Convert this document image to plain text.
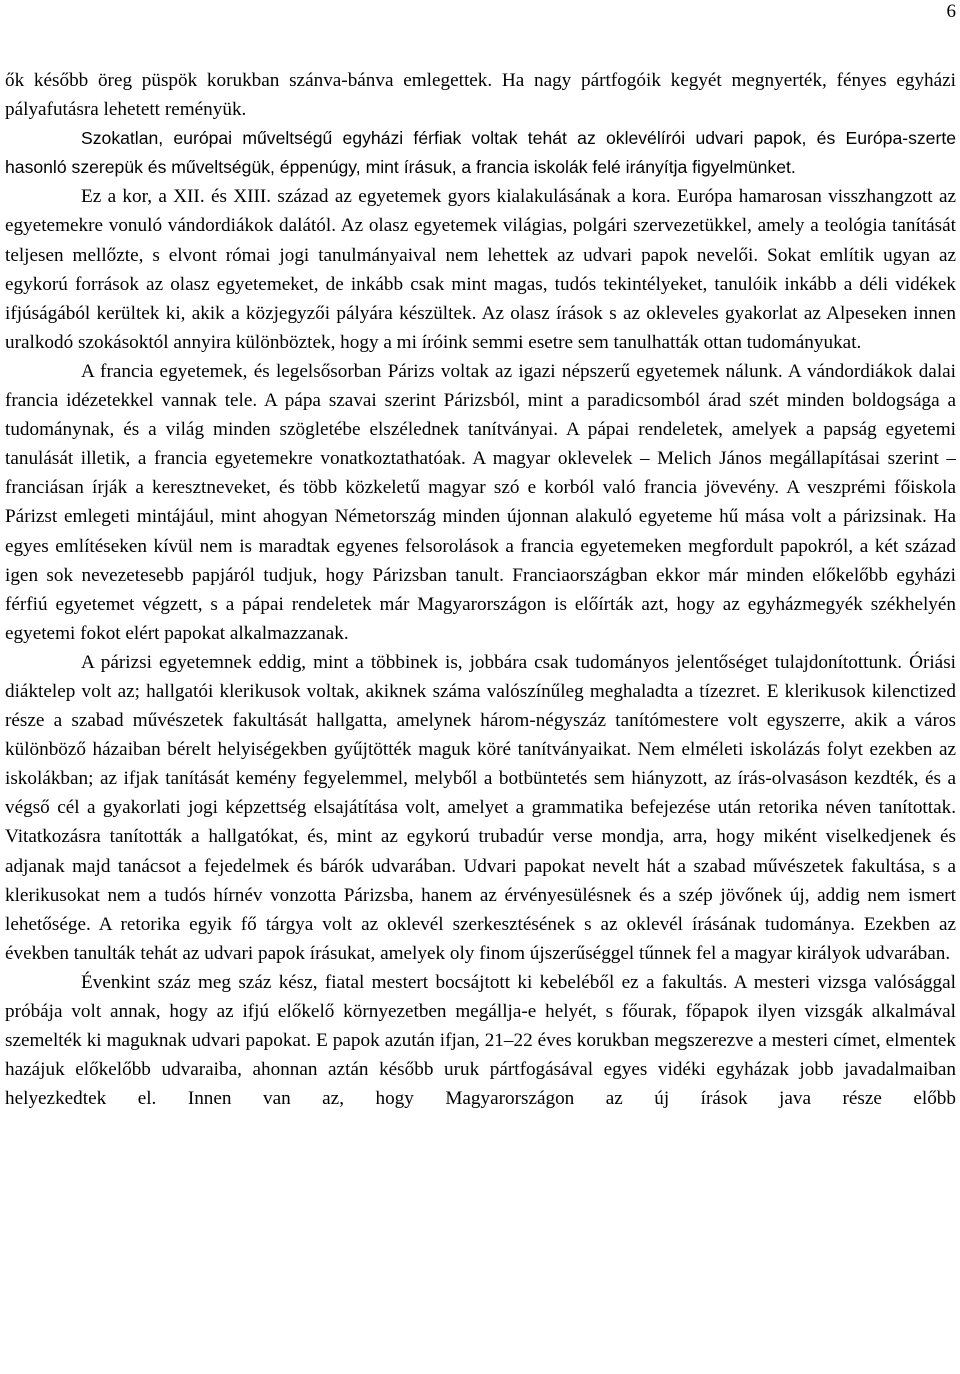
6

ők később öreg püspök korukban szánva-bánva emlegettek. Ha nagy pártfogóik kegyét megnyerték, fényes egyházi pályafutásra lehetett reményük.

Szokatlan, európai műveltségű egyházi férfiak voltak tehát az oklevélírói udvari papok, és Európa-szerte hasonló szerepük és műveltségük, éppenúgy, mint írásuk, a francia iskolák felé irányítja figyelmünket.

Ez a kor, a XII. és XIII. század az egyetemek gyors kialakulásának a kora. Európa hamarosan visszhangzott az egyetemekre vonuló vándordiákok dalától. Az olasz egyetemek világias, polgári szervezetükkel, amely a teológia tanítását teljesen mellőzte, s elvont római jogi tanulmányaival nem lehettek az udvari papok nevelői. Sokat említik ugyan az egykorú források az olasz egyetemeket, de inkább csak mint magas, tudós tekintélyeket, tanulóik inkább a déli vidékek ifjúságából kerültek ki, akik a közjegyzői pályára készültek. Az olasz írások s az okleveles gyakorlat az Alpeseken innen uralkodó szokásoktól annyira különböztek, hogy a mi íróink semmi esetre sem tanulhatták ottan tudományukat.

A francia egyetemek, és legelsősorban Párizs voltak az igazi népszerű egyetemek nálunk. A vándordiákok dalai francia idézetekkel vannak tele. A pápa szavai szerint Párizsból, mint a paradicsomból árad szét minden boldogsága a tudománynak, és a világ minden szögletébe elszélednek tanítványai. A pápai rendeletek, amelyek a papság egyetemi tanulását illetik, a francia egyetemekre vonatkoztathatóak. A magyar oklevelek – Melich János megállapításai szerint – franciásan írják a keresztneveket, és több közkeletű magyar szó e korból való francia jövevény. A veszprémi főiskola Párizst emlegeti mintájául, mint ahogyan Németország minden újonnan alakuló egyeteme hű mása volt a párizsinak. Ha egyes említéseken kívül nem is maradtak egyenes felsorolások a francia egyetemeken megfordult papokról, a két század igen sok nevezetesebb papjáról tudjuk, hogy Párizsban tanult. Franciaországban ekkor már minden előkelőbb egyházi férfiú egyetemet végzett, s a pápai rendeletek már Magyarországon is előírták azt, hogy az egyházmegyék székhelyén egyetemi fokot elért papokat alkalmazzanak.

A párizsi egyetemnek eddig, mint a többinek is, jobbára csak tudományos jelentőséget tulajdonítottunk. Óriási diáktelep volt az; hallgatói klerikusok voltak, akiknek száma valószínűleg meghaladta a tízezret. E klerikusok kilenctized része a szabad művészetek fakultását hallgatta, amelynek három-négyszáz tanítómestere volt egyszerre, akik a város különböző házaiban bérelt helyiségekben gyűjtötték maguk köré tanítványaikat. Nem elméleti iskolázás folyt ezekben az iskolákban; az ifjak tanítását kemény fegyelemmel, melyből a botbüntetés sem hiányzott, az írás-olvasáson kezdték, és a végső cél a gyakorlati jogi képzettség elsajátítása volt, amelyet a grammatika befejezése után retorika néven tanítottak. Vitatkozásra tanították a hallgatókat, és, mint az egykorú trubadúr verse mondja, arra, hogy miként viselkedjenek és adjanak majd tanácsot a fejedelmek és bárók udvarában. Udvari papokat nevelt hát a szabad művészetek fakultása, s a klerikusokat nem a tudós hírnév vonzotta Párizsba, hanem az érvényesülésnek és a szép jövőnek új, addig nem ismert lehetősége. A retorika egyik fő tárgya volt az oklevél szerkesztésének s az oklevél írásának tudománya. Ezekben az években tanulták tehát az udvari papok írásukat, amelyek oly finom újszerűséggel tűnnek fel a magyar királyok udvarában.

Évenkint száz meg száz kész, fiatal mestert bocsájtott ki kebeléből ez a fakultás. A mesteri vizsga valósággal próbája volt annak, hogy az ifjú előkelő környezetben megállja-e helyét, s főurak, főpapok ilyen vizsgák alkalmával szemelték ki maguknak udvari papokat. E papok azután ifjan, 21–22 éves korukban megszerezve a mesteri címet, elmentek hazájuk előkelőbb udvaraiba, ahonnan aztán később uruk pártfogásával egyes vidéki egyházak jobb javadalmaiban helyezkedtek el. Innen van az, hogy Magyarországon az új írások java része előbb
